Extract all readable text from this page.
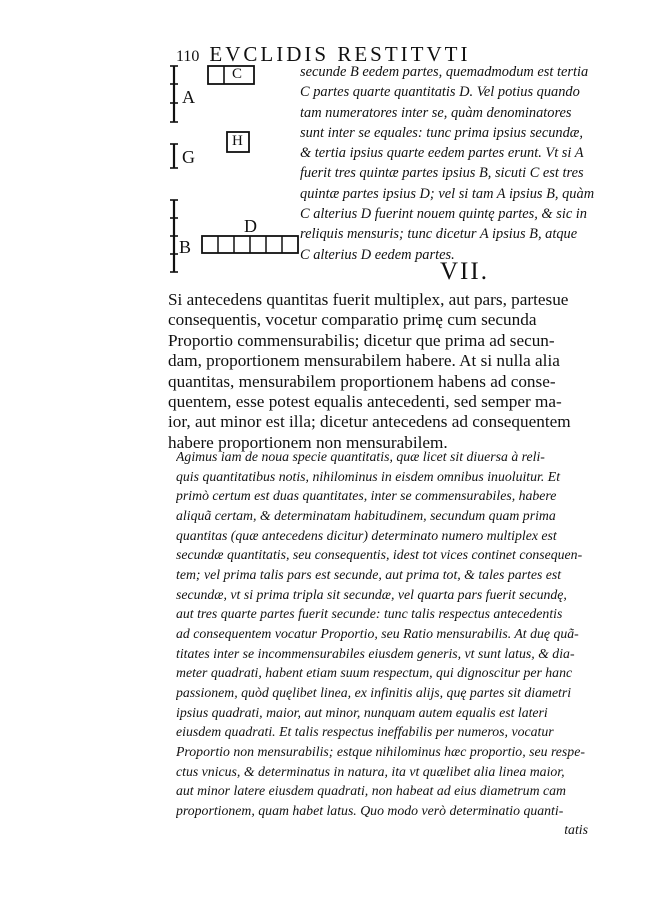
110 EVCLIDIS RESTITVTI
A
C
G
H
D
B
secunde B eedem partes, quemadmodum est tertia
C partes quarte quantitatis D. Vel potius quando
tam numeratores inter se, quàm denominatores
sunt inter se equales: tunc prima ipsius secundæ,
& tertia ipsius quarte eedem partes erunt. Vt si A
fuerit tres quintæ partes ipsius B, sicuti C est tres
quintæ partes ipsius D; vel si tam A ipsius B, quàm
C alterius D fuerint nouem quintę partes, & sic in
reliquis mensuris; tunc dicetur A ipsius B, atque
C alterius D eedem partes.
VII.
Si antecedens quantitas fuerit multiplex, aut pars, partesue
consequentis, vocetur comparatio primę cum secunda
Proportio commensurabilis; dicetur que prima ad secun-
dam, proportionem mensurabilem habere. At si nulla alia
quantitas, mensurabilem proportionem habens ad conse-
quentem, esse potest equalis antecedenti, sed semper ma-
ior, aut minor est illa; dicetur antecedens ad consequentem
habere proportionem non mensurabilem.
Agimus iam de noua specie quantitatis, quæ licet sit diuersa à reli-
quis quantitatibus notis, nihilominus in eisdem omnibus inuoluitur. Et
primò certum est duas quantitates, inter se commensurabiles, habere
aliquã certam, & determinatam habitudinem, secundum quam prima
quantitas (quæ antecedens dicitur) determinato numero multiplex est
secundæ quantitatis, seu consequentis, idest tot vices continet consequen-
tem; vel prima talis pars est secunde, aut prima tot, & tales partes est
secundæ, vt si prima tripla sit secundæ, vel quarta pars fuerit secundę,
aut tres quarte partes fuerit secunde: tunc talis respectus antecedentis
ad consequentem vocatur Proportio, seu Ratio mensurabilis. At duę quã-
titates inter se incommensurabiles eiusdem generis, vt sunt latus, & dia-
meter quadrati, habent etiam suum respectum, qui dignoscitur per hanc
passionem, quòd quęlibet linea, ex infinitis alijs, quę partes sit diametri
ipsius quadrati, maior, aut minor, nunquam autem equalis est lateri
eiusdem quadrati. Et talis respectus ineffabilis per numeros, vocatur
Proportio non mensurabilis; estque nihilominus hæc proportio, seu respe-
ctus vnicus, & determinatus in natura, ita vt quælibet alia linea maior,
aut minor latere eiusdem quadrati, non habeat ad eius diametrum cam
proportionem, quam habet latus. Quo modo verò determinatio quanti-
tatis
